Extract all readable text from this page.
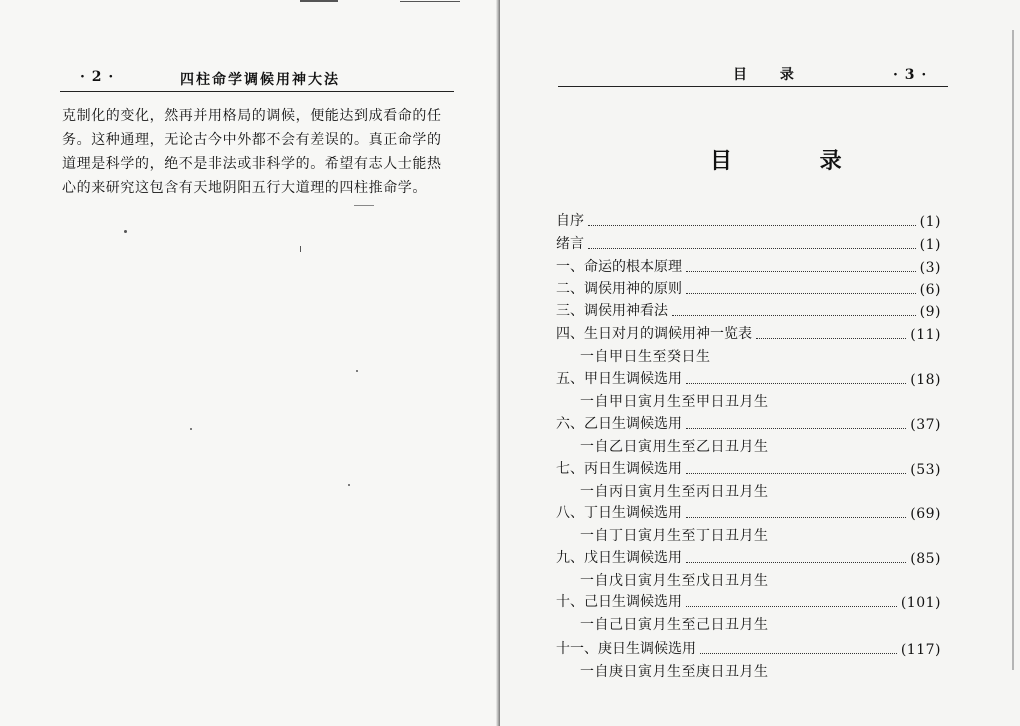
· 2 ·	四柱命学调候用神大法

克制化的变化，然再并用格局的调候，便能达到成看命的任

务。这种通理，无论古今中外都不会有差误的。真正命学的

道理是科学的，绝不是非法或非科学的。希望有志人士能热

心的来研究这包含有天地阴阳五行大道理的四柱推命学。

目 录	· 3 ·
目 录
自序	(1)
绪言	(1)
一、命运的根本原理	(3)
二、调侯用神的原则	(6)
三、调侯用神看法	(9)
四、生日对月的调候用神一览表	(11)
一自甲日生至癸日生
五、甲日生调候选用	(18)
一自甲日寅月生至甲日丑月生
六、乙日生调候选用	(37)
一自乙日寅用生至乙日丑月生
七、丙日生调候选用	(53)
一自丙日寅月生至丙日丑月生
八、丁日生调候选用	(69)
一自丁日寅月生至丁日丑月生
九、戊日生调候选用	(85)
一自戊日寅月生至戊日丑月生
十、己日生调候选用	(101)
一自己日寅月生至己日丑月生
十一、庚日生调候选用	(117)
一自庚日寅月生至庚日丑月生
